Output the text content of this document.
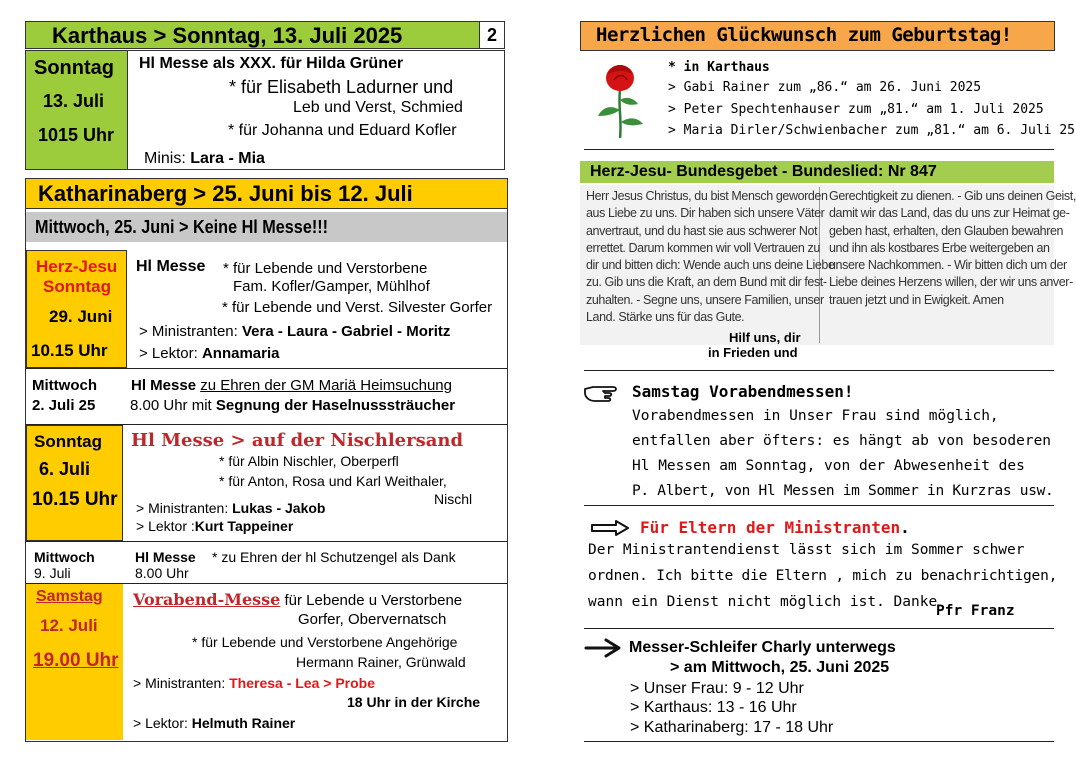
Karthaus > Sonntag, 13. Juli 2025	2
Sonntag
13. Juli
1015 Uhr
Hl Messe als XXX. für Hilda Grüner
* für Elisabeth Ladurner und
Leb und Verst, Schmied
* für Johanna und Eduard Kofler
Minis: Lara - Mia
Katharinaberg > 25. Juni bis 12. Juli
Mittwoch, 25. Juni > Keine Hl Messe!!!
Herz-Jesu
Sonntag
29. Juni
10.15 Uhr
Hl Messe * für Lebende und Verstorbene
Fam. Kofler/Gamper, Mühlhof
* für Lebende und Verst. Silvester Gorfer
> Ministranten: Vera - Laura - Gabriel - Moritz
> Lektor: Annamaria
Mittwoch
2. Juli 25
Hl Messe zu Ehren der GM Mariä Heimsuchung
8.00 Uhr mit Segnung der Haselnusssträucher
Sonntag
6. Juli
10.15 Uhr
Hl Messe > auf der Nischlersand
* für Albin Nischler, Oberperfl
* für Anton, Rosa und Karl Weithaler,
Nischl
> Ministranten: Lukas - Jakob
> Lektor :Kurt Tappeiner
Mittwoch
9. Juli
Hl Messe * zu Ehren der hl Schutzengel als Dank
8.00 Uhr
Samstag
12. Juli
19.00 Uhr
Vorabend-Messe für Lebende u Verstorbene
Gorfer, Obervernatsch
* für Lebende und Verstorbene Angehörige
Hermann Rainer, Grünwald
> Ministranten: Theresa - Lea > Probe
18 Uhr in der Kirche
> Lektor: Helmuth Rainer
Herzlichen Glückwunsch zum Geburtstag!
* in Karthaus
> Gabi Rainer zum „86.“ am 26. Juni 2025
> Peter Spechtenhauser zum „81.“ am 1. Juli 2025
> Maria Dirler/Schwienbacher zum „81.“ am 6. Juli 25
Herz-Jesu- Bundesgebet - Bundeslied: Nr 847
Herr Jesus Christus, du bist Mensch geworden
aus Liebe zu uns. Dir haben sich unsere Väter
anvertraut, und du hast sie aus schwerer Not
errettet. Darum kommen wir voll Vertrauen zu
dir und bitten dich: Wende auch uns deine Liebe
zu. Gib uns die Kraft, an dem Bund mit dir fest-
zuhalten. - Segne uns, unsere Familien, unser
Land. Stärke uns für das Gute.
Hilf uns, dir
in Frieden und
Gerechtigkeit zu dienen. - Gib uns deinen Geist,
damit wir das Land, das du uns zur Heimat ge-
geben hast, erhalten, den Glauben bewahren
und ihn als kostbares Erbe weitergeben an
unsere Nachkommen. - Wir bitten dich um der
Liebe deines Herzens willen, der wir uns anver-
trauen jetzt und in Ewigkeit. Amen
Samstag Vorabendmessen!
Vorabendmessen in Unser Frau sind möglich,
entfallen aber öfters: es hängt ab von besoderen
Hl Messen am Sonntag, von der Abwesenheit des
P. Albert, von Hl Messen im Sommer in Kurzras usw.
Für Eltern der Ministranten.
Der Ministrantendienst lässt sich im Sommer schwer
ordnen. Ich bitte die Eltern , mich zu benachrichtigen,
wann ein Dienst nicht möglich ist. Danke
Pfr Franz
Messer-Schleifer Charly unterwegs
> am Mittwoch, 25. Juni 2025
> Unser Frau: 9 - 12 Uhr
> Karthaus: 13 - 16 Uhr
> Katharinaberg: 17 - 18 Uhr
